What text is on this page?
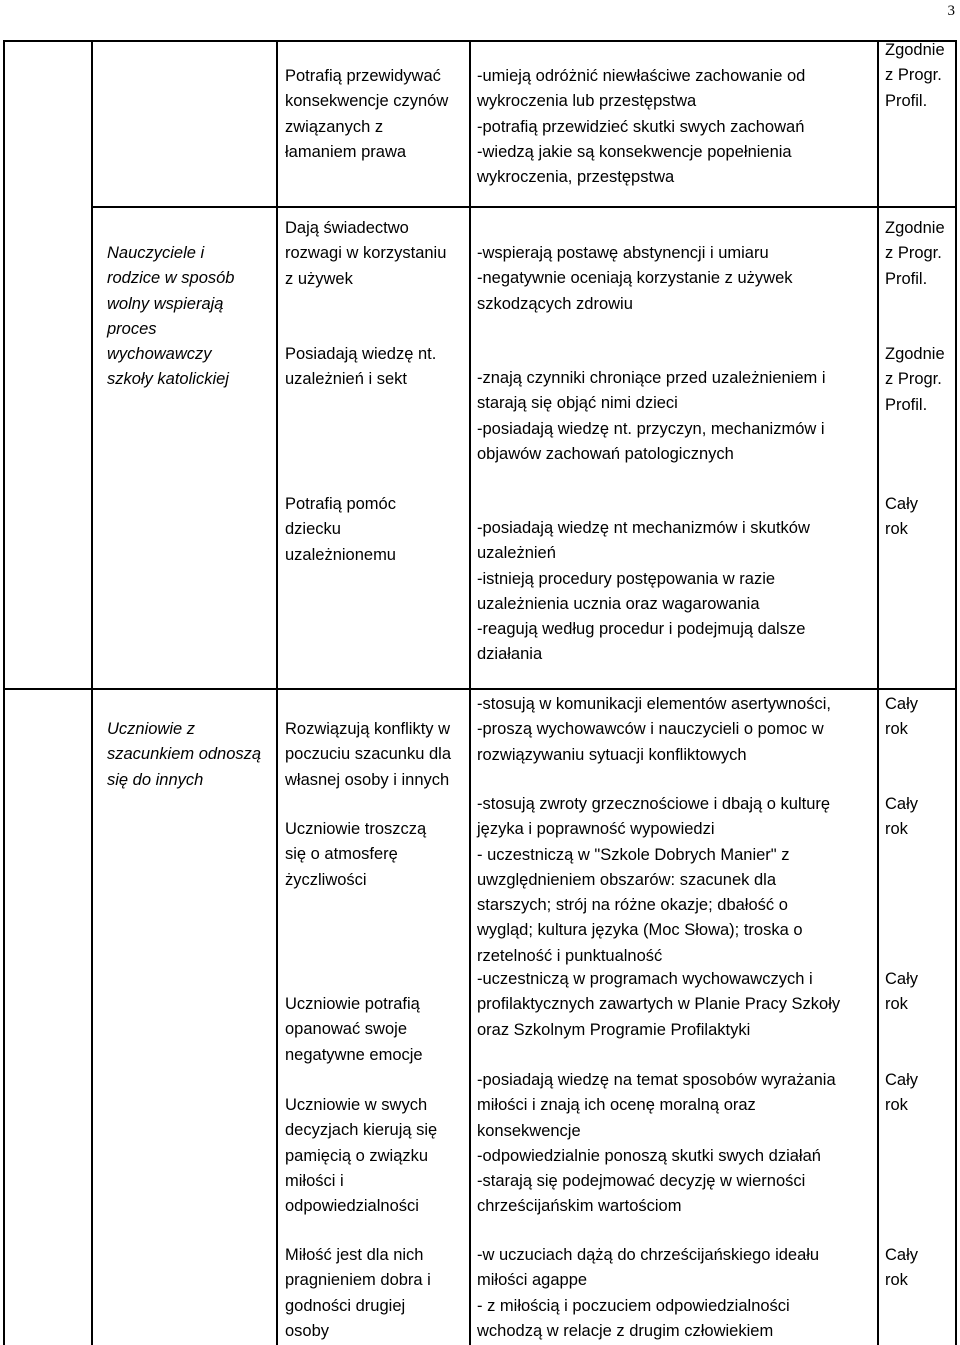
3
Potrafią przewidywać
konsekwencje czynów
związanych z
łamaniem prawa
-umieją odróżnić niewłaściwe zachowanie od
wykroczenia lub przestępstwa
-potrafią przewidzieć skutki swych zachowań
-wiedzą jakie są konsekwencje popełnienia
wykroczenia, przestępstwa
Zgodnie
z Progr.
Profil.
Nauczyciele i
rodzice w sposób
wolny wspierają
proces
wychowawczy
szkoły katolickiej
Dają świadectwo
rozwagi w korzystaniu
z używek
Posiadają wiedzę nt.
uzależnień i sekt
Potrafią pomóc
dziecku
uzależnionemu
-wspierają postawę abstynencji i umiaru
-negatywnie oceniają korzystanie z używek
szkodzących zdrowiu
-znają czynniki chroniące przed uzależnieniem i
starają się objąć nimi dzieci
-posiadają wiedzę nt. przyczyn, mechanizmów i
objawów zachowań patologicznych
-posiadają wiedzę nt mechanizmów i skutków
uzależnień
-istnieją procedury postępowania w razie
uzależnienia ucznia oraz wagarowania
-reagują według procedur i podejmują dalsze
działania
Zgodnie
z Progr.
Profil.
Zgodnie
z Progr.
Profil.
Cały
rok
Uczniowie z
szacunkiem odnoszą
się do innych
Rozwiązują konflikty w
poczuciu szacunku dla
własnej osoby i innych
Uczniowie troszczą
się o atmosferę
życzliwości
Uczniowie potrafią
opanować swoje
negatywne emocje
Uczniowie w swych
decyzjach kierują się
pamięcią o związku
miłości i
odpowiedzialności
Miłość jest dla nich
pragnieniem dobra i
godności drugiej
osoby
-stosują w komunikacji elementów asertywności,
-proszą wychowawców i nauczycieli o pomoc w
rozwiązywaniu sytuacji konfliktowych
-stosują zwroty grzecznościowe i dbają o kulturę
języka i poprawność wypowiedzi
- uczestniczą w "Szkole Dobrych Manier" z
uwzględnieniem obszarów: szacunek dla
starszych; strój na różne okazje; dbałość o
wygląd; kultura języka (Moc Słowa); troska o
rzetelność i punktualność
-uczestniczą w programach wychowawczych i
profilaktycznych zawartych w Planie Pracy Szkoły
oraz Szkolnym Programie Profilaktyki
-posiadają wiedzę na temat sposobów wyrażania
miłości i znają ich ocenę moralną oraz
konsekwencje
-odpowiedzialnie ponoszą skutki swych działań
-starają się podejmować decyzję w wierności
chrześcijańskim wartościom
-w uczuciach dążą do chrześcijańskiego ideału
miłości agappe
- z miłością i poczuciem odpowiedzialności
wchodzą w relacje z drugim człowiekiem
Cały
rok
Cały
rok
Cały
rok
Cały
rok
Cały
rok
